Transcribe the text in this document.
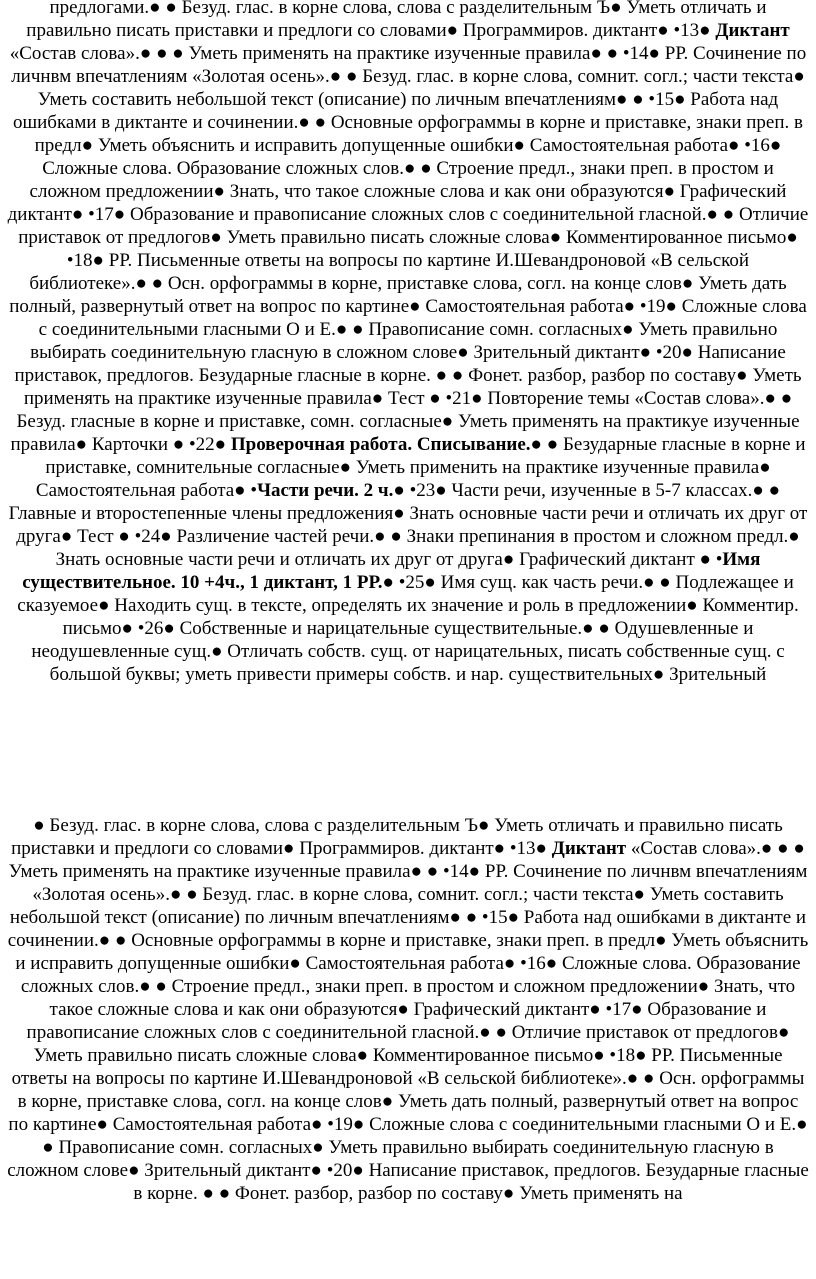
предлогами.● ● Безуд. глас. в корне слова, слова с разделительным Ъ● Уметь отличать и правильно писать приставки и предлоги со словами● Программиров. диктант● •13● Диктант «Состав слова».● ● ● Уметь применять на практике изученные правила● ● •14● РР. Сочинение по личнвм впечатлениям «Золотая осень».● ● Безуд. глас. в корне слова, сомнит. согл.; части текста● Уметь составить небольшой текст (описание) по личным впечатлениям● ● •15● Работа над ошибками в диктанте и сочинении.● ● Основные орфограммы в корне и приставке, знаки преп. в предл● Уметь объяснить и исправить допущенные ошибки● Самостоятельная работа● •16● Сложные слова. Образование сложных слов.● ● Строение предл., знаки преп. в простом и сложном предложении● Знать, что такое сложные слова и как они образуются● Графический диктант● •17● Образование и правописание сложных слов с соединительной гласной.● ● Отличие приставок от предлогов● Уметь правильно писать сложные слова● Комментированное письмо● •18● РР. Письменные ответы на вопросы по картине И.Шевандроновой «В сельской библиотеке».● ● Осн. орфограммы в корне, приставке слова, согл. на конце слов● Уметь дать полный, развернутый ответ на вопрос по картине● Самостоятельная работа● •19● Сложные слова с соединительными гласными О и Е.● ● Правописание сомн. согласных● Уметь правильно выбирать соединительную гласную в сложном слове● Зрительный диктант● •20● Написание приставок, предлогов. Безударные гласные в корне. ● ● Фонет. разбор, разбор по составу● Уметь применять на практике изученные правила● Тест ● •21● Повторение темы «Состав слова».● ● Безуд. гласные в корне и приставке, сомн. согласные● Уметь применять на практикуе изученные правила● Карточки ● •22● Проверочная работа. Списывание.● ● Безударные гласные в корне и приставке, сомнительные согласные● Уметь применить на практике изученные правила● Самостоятельная работа● •Части речи. 2 ч.● •23● Части речи, изученные в 5-7 классах.● ● Главные и второстепенные члены предложения● Знать основные части речи и отличать их друг от друга● Тест ● •24● Различение частей речи.● ● Знаки препинания в простом и сложном предл.● Знать основные части речи и отличать их друг от друга● Графический диктант ● •Имя существительное. 10 +4ч., 1 диктант, 1 РР.● •25● Имя сущ. как часть речи.● ● Подлежащее и сказуемое● Находить сущ. в тексте, определять их значение и роль в предложении● Комментир. письмо● •26● Собственные и нарицательные существительные.● ● Одушевленные и неодушевленные сущ.● Отличать собств. сущ. от нарицательных, писать собственные сущ. с большой буквы; уметь привести примеры собств. и нар. существительных● Зрительный

● Безуд. глас. в корне слова, слова с разделительным Ъ● Уметь отличать и правильно писать приставки и предлоги со словами● Программиров. диктант● •13● Диктант «Состав слова».● ● ● Уметь применять на практике изученные правила● ● •14● РР. Сочинение по личнвм впечатлениям «Золотая осень».● ● Безуд. глас. в корне слова, сомнит. согл.; части текста● Уметь составить небольшой текст (описание) по личным впечатлениям● ● •15● Работа над ошибками в диктанте и сочинении.● ● Основные орфограммы в корне и приставке, знаки преп. в предл● Уметь объяснить и исправить допущенные ошибки● Самостоятельная работа● •16● Сложные слова. Образование сложных слов.● ● Строение предл., знаки преп. в простом и сложном предложении● Знать, что такое сложные слова и как они образуются● Графический диктант● •17● Образование и правописание сложных слов с соединительной гласной.● ● Отличие приставок от предлогов● Уметь правильно писать сложные слова● Комментированное письмо● •18● РР. Письменные ответы на вопросы по картине И.Шевандроновой «В сельской библиотеке».● ● Осн. орфограммы в корне, приставке слова, согл. на конце слов● Уметь дать полный, развернутый ответ на вопрос по картине● Самостоятельная работа● •19● Сложные слова с соединительными гласными О и Е.● ● Правописание сомн. согласных● Уметь правильно выбирать соединительную гласную в сложном слове● Зрительный диктант● •20● Написание приставок, предлогов. Безударные гласные в корне. ● ● Фонет. разбор, разбор по составу● Уметь применять на
